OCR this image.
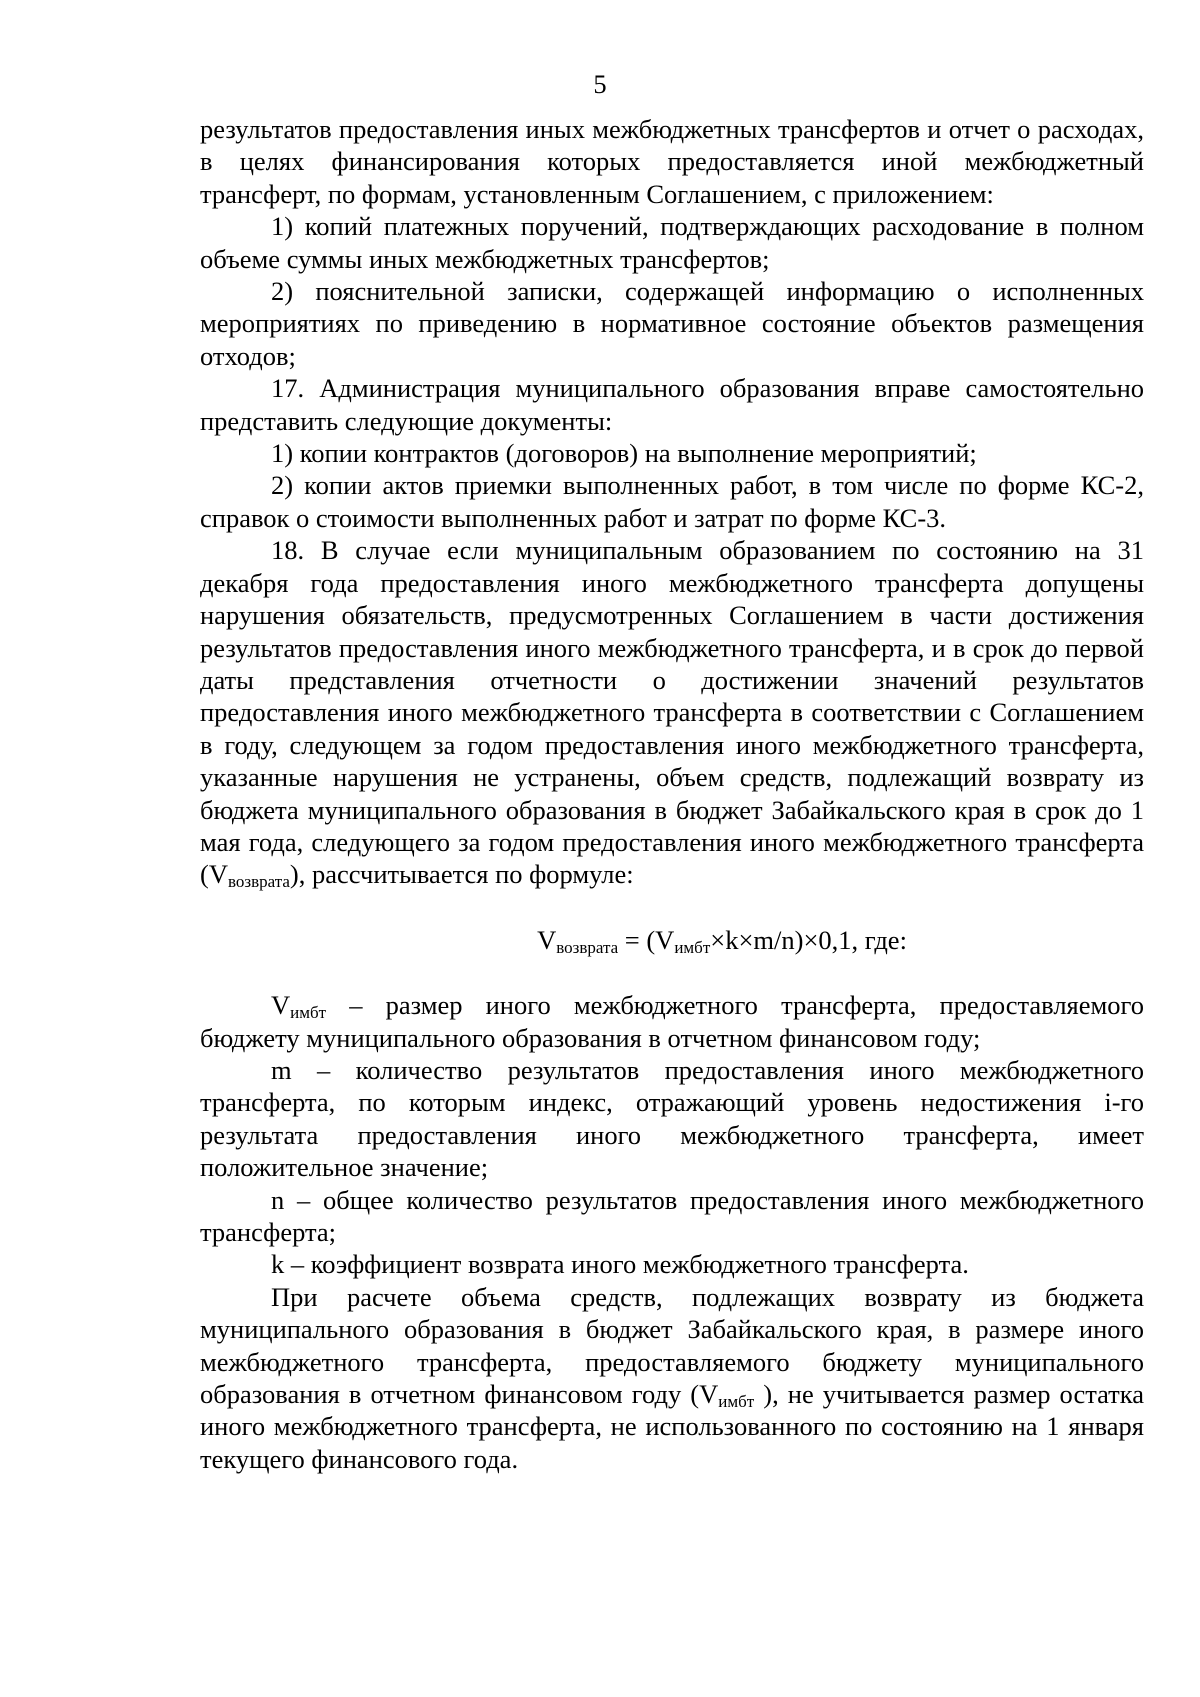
5

результатов предоставления иных межбюджетных трансфертов и отчет о расходах, в целях финансирования которых предоставляется иной межбюджетный трансферт, по формам, установленным Соглашением, с приложением:

1) копий платежных поручений, подтверждающих расходование в полном объеме суммы иных межбюджетных трансфертов;

2) пояснительной записки, содержащей информацию о исполненных мероприятиях по приведению в нормативное состояние объектов размещения отходов;

17. Администрация муниципального образования вправе самостоятельно представить следующие документы:

1) копии контрактов (договоров) на выполнение мероприятий;

2) копии актов приемки выполненных работ, в том числе по форме КС-2, справок о стоимости выполненных работ и затрат по форме КС-3.

18. В случае если муниципальным образованием по состоянию на 31 декабря года предоставления иного межбюджетного трансферта допущены нарушения обязательств, предусмотренных Соглашением в части достижения результатов предоставления иного межбюджетного трансферта, и в срок до первой даты представления отчетности о достижении значений результатов предоставления иного межбюджетного трансферта в соответствии с Соглашением в году, следующем за годом предоставления иного межбюджетного трансферта, указанные нарушения не устранены, объем средств, подлежащий возврату из бюджета муниципального образования в бюджет Забайкальского края в срок до 1 мая года, следующего за годом предоставления иного межбюджетного трансферта $(V_{возврата})$, рассчитывается по формуле:

$V_{возврата} = (V_{имбт}\times k\times m/n)\times 0,1$, где:

$V_{имбт}$ – размер иного межбюджетного трансферта, предоставляемого бюджету муниципального образования в отчетном финансовом году;

m – количество результатов предоставления иного межбюджетного трансферта, по которым индекс, отражающий уровень недостижения i-го результата предоставления иного межбюджетного трансферта, имеет положительное значение;

n – общее количество результатов предоставления иного межбюджетного трансферта;

k – коэффициент возврата иного межбюджетного трансферта.

При расчете объема средств, подлежащих возврату из бюджета муниципального образования в бюджет Забайкальского края, в размере иного межбюджетного трансферта, предоставляемого бюджету муниципального образования в отчетном финансовом году ($V_{имбт}$ ), не учитывается размер остатка иного межбюджетного трансферта, не использованного по состоянию на 1 января текущего финансового года.
